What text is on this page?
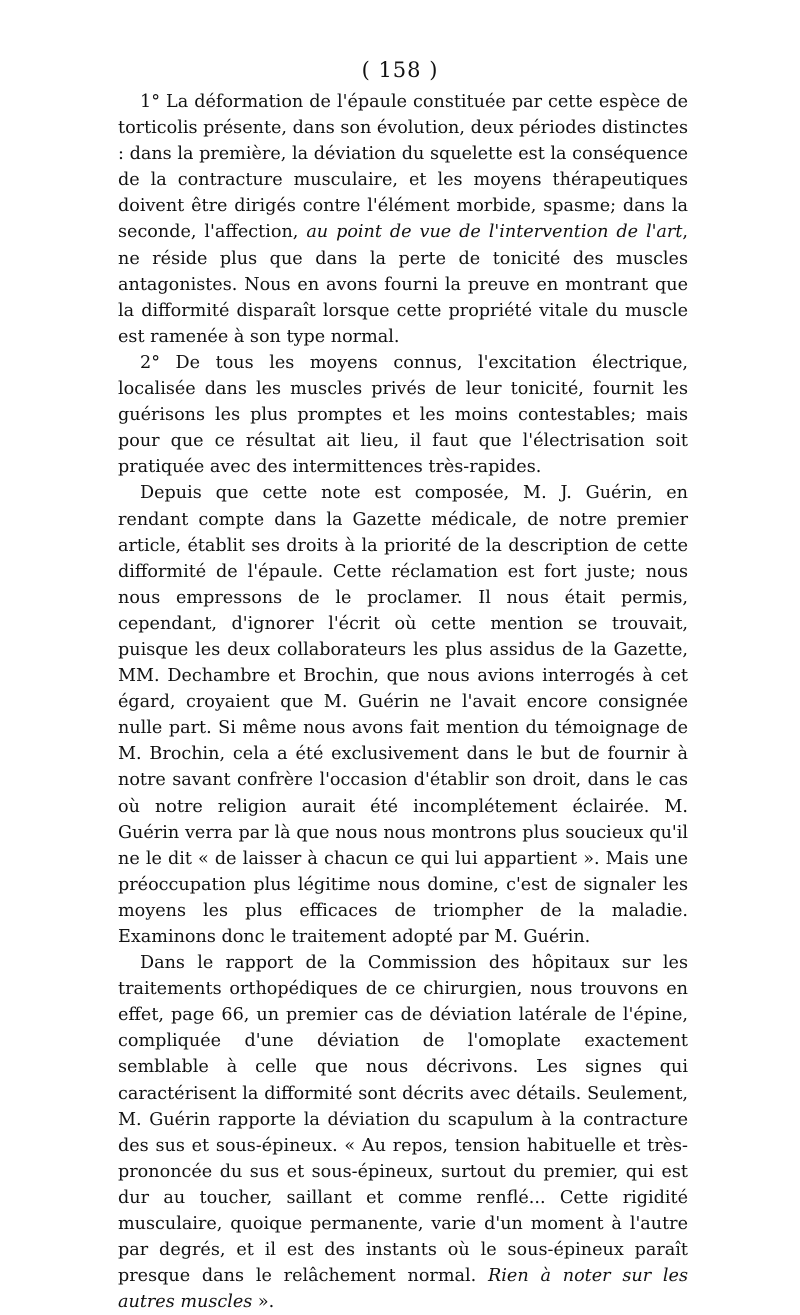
( 158 )

1° La déformation de l'épaule constituée par cette espèce de torticolis présente, dans son évolution, deux périodes distinctes : dans la première, la déviation du squelette est la conséquence de la contracture musculaire, et les moyens thérapeutiques doivent être dirigés contre l'élément morbide, spasme; dans la seconde, l'affection, au point de vue de l'intervention de l'art, ne réside plus que dans la perte de tonicité des muscles antagonistes. Nous en avons fourni la preuve en montrant que la difformité disparaît lorsque cette propriété vitale du muscle est ramenée à son type normal.

2° De tous les moyens connus, l'excitation électrique, localisée dans les muscles privés de leur tonicité, fournit les guérisons les plus promptes et les moins contestables; mais pour que ce résultat ait lieu, il faut que l'électrisation soit pratiquée avec des intermittences très-rapides.

Depuis que cette note est composée, M. J. Guérin, en rendant compte dans la Gazette médicale, de notre premier article, établit ses droits à la priorité de la description de cette difformité de l'épaule. Cette réclamation est fort juste; nous nous empressons de le proclamer. Il nous était permis, cependant, d'ignorer l'écrit où cette mention se trouvait, puisque les deux collaborateurs les plus assidus de la Gazette, MM. Dechambre et Brochin, que nous avions interrogés à cet égard, croyaient que M. Guérin ne l'avait encore consignée nulle part. Si même nous avons fait mention du témoignage de M. Brochin, cela a été exclusivement dans le but de fournir à notre savant confrère l'occasion d'établir son droit, dans le cas où notre religion aurait été incomplétement éclairée. M. Guérin verra par là que nous nous montrons plus soucieux qu'il ne le dit « de laisser à chacun ce qui lui appartient ». Mais une préoccupation plus légitime nous domine, c'est de signaler les moyens les plus efficaces de triompher de la maladie. Examinons donc le traitement adopté par M. Guérin.

Dans le rapport de la Commission des hôpitaux sur les traitements orthopédiques de ce chirurgien, nous trouvons en effet, page 66, un premier cas de déviation latérale de l'épine, compliquée d'une déviation de l'omoplate exactement semblable à celle que nous décrivons. Les signes qui caractérisent la difformité sont décrits avec détails. Seulement, M. Guérin rapporte la déviation du scapulum à la contracture des sus et sous-épineux. « Au repos, tension habituelle et très-prononcée du sus et sous-épineux, surtout du premier, qui est dur au toucher, saillant et comme renflé... Cette rigidité musculaire, quoique permanente, varie d'un moment à l'autre par degrés, et il est des instants où le sous-épineux paraît presque dans le relâchement normal. Rien à noter sur les autres muscles ».
